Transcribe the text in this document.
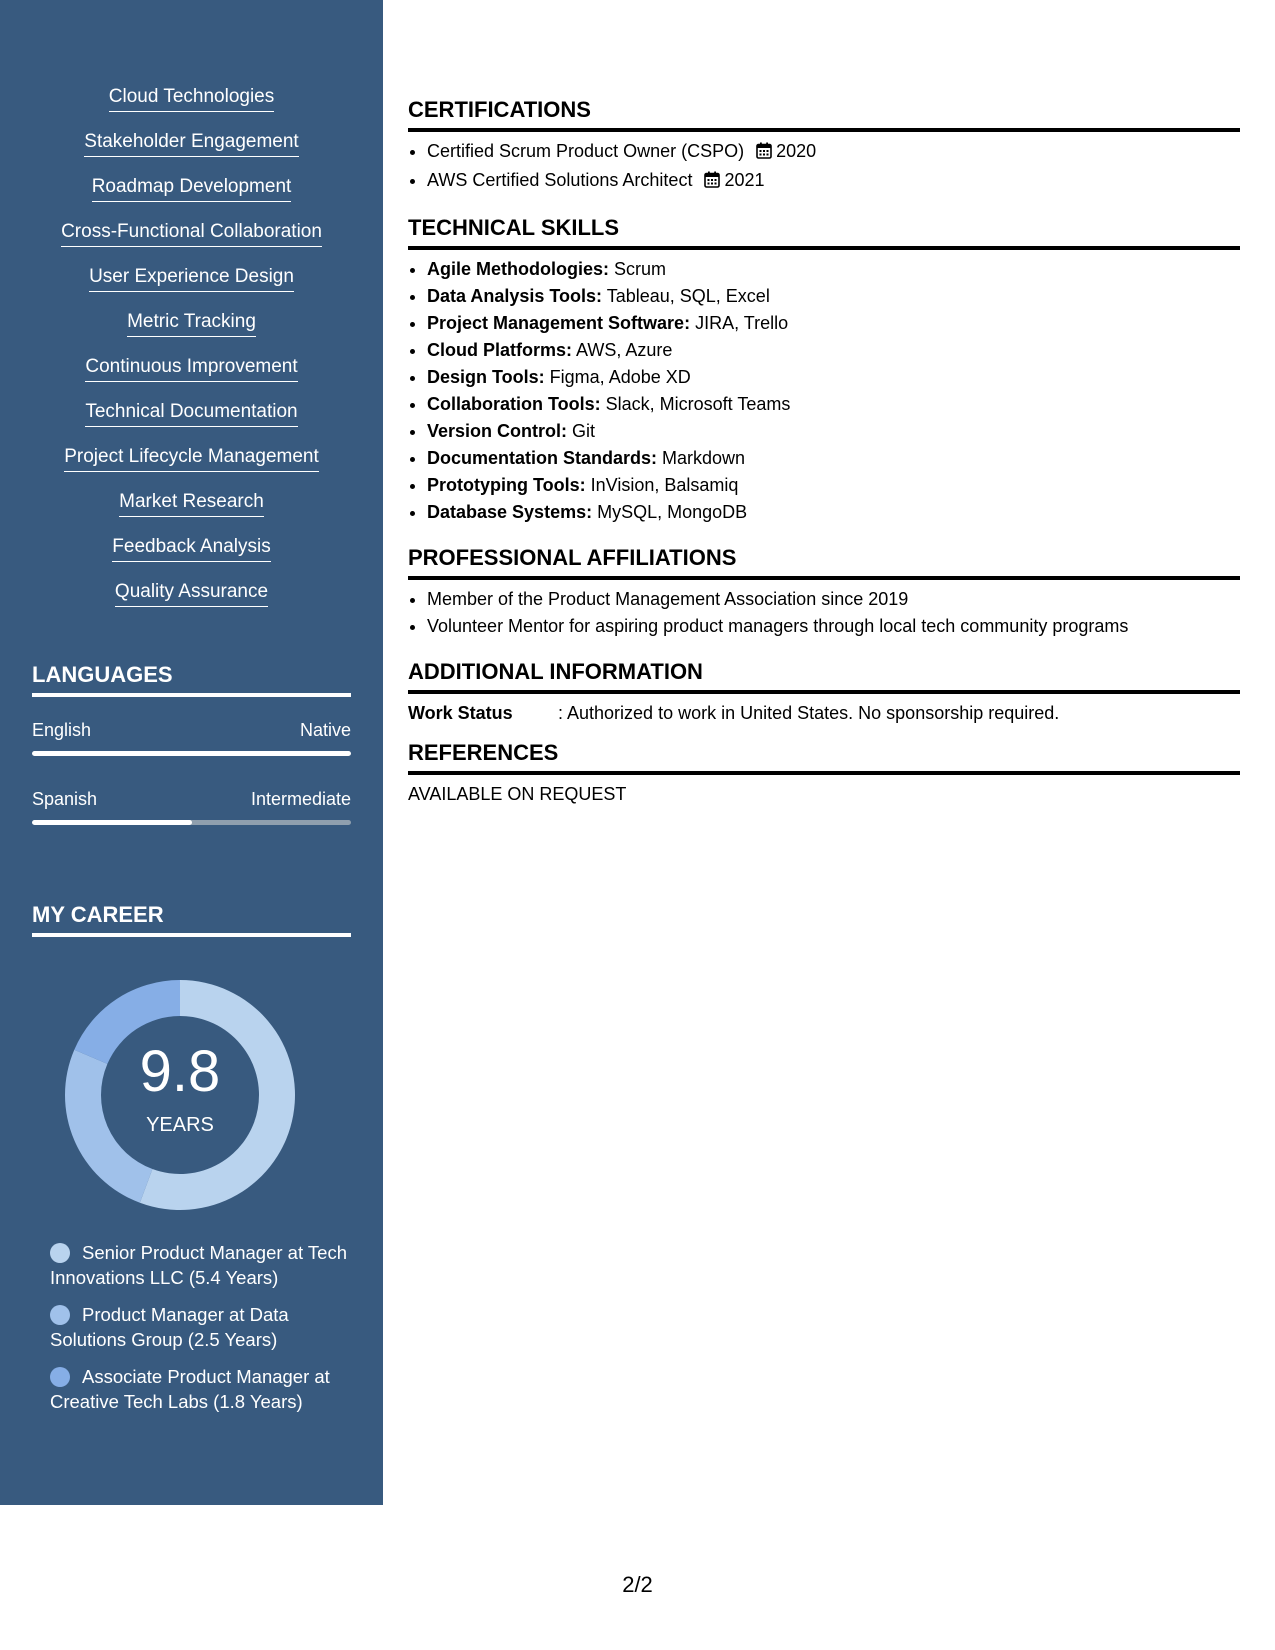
Cloud Technologies
Stakeholder Engagement
Roadmap Development
Cross-Functional Collaboration
User Experience Design
Metric Tracking
Continuous Improvement
Technical Documentation
Project Lifecycle Management
Market Research
Feedback Analysis
Quality Assurance
LANGUAGES
English	Native
Spanish	Intermediate
MY CAREER
9.8
YEARS
Senior Product Manager at Tech Innovations LLC (5.4 Years)
Product Manager at Data Solutions Group (2.5 Years)
Associate Product Manager at Creative Tech Labs (1.8 Years)
CERTIFICATIONS
• Certified Scrum Product Owner (CSPO) 2020
• AWS Certified Solutions Architect 2021
TECHNICAL SKILLS
• Agile Methodologies: Scrum
• Data Analysis Tools: Tableau, SQL, Excel
• Project Management Software: JIRA, Trello
• Cloud Platforms: AWS, Azure
• Design Tools: Figma, Adobe XD
• Collaboration Tools: Slack, Microsoft Teams
• Version Control: Git
• Documentation Standards: Markdown
• Prototyping Tools: InVision, Balsamiq
• Database Systems: MySQL, MongoDB
PROFESSIONAL AFFILIATIONS
• Member of the Product Management Association since 2019
• Volunteer Mentor for aspiring product managers through local tech community programs
ADDITIONAL INFORMATION
Work Status	: Authorized to work in United States. No sponsorship required.
REFERENCES
AVAILABLE ON REQUEST
2/2
